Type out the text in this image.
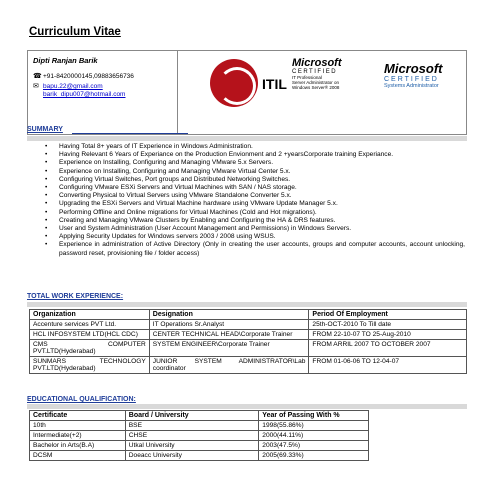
Curriculum Vitae
Dipti Ranjan Barik
☎ +91-8420000145,09883656736
✉ bapu.22@gmail.com
barik_dipu007@hotmail.com
ITIL
Microsoft
CERTIFIED
IT Professional
Server Administrator on
Windows Server® 2008
Microsoft
CERTIFIED
Systems Administrator
SUMMARY
• Having Total 8+ years of IT Experience in Windows Administration.
• Having Relevant 6 Years of Experiance on the Production Envionment and 2 +yearsCorporate training Experiance.
• Experience on Installing, Configuring and Managing VMware 5.x Servers.
• Experience on Installing, Configuring and Managing VMware Virtual Center 5.x.
• Configuring Virtual Switches, Port groups and Distributed Networking Switches.
• Configuring VMware ESXi Servers and Virtual Machines with SAN / NAS storage.
• Converting Physical to Virtual Servers using VMware Standalone Converter 5.x.
• Upgrading the ESXi Servers and Virtual Machine hardware using VMware Update Manager 5.x.
• Performing Offline and Online migrations for Virtual Machines (Cold and Hot migrations).
• Creating and Managing VMware Clusters by Enabling and Configuring the HA & DRS features.
• User and System Administration (User Account Management and Permissions) in Windows Servers.
• Applying Security Updates for Windows servers 2003 / 2008 using WSUS.
• Experience in administration of Active Directory (Only in creating the user accounts, groups and computer accounts, account unlocking, password reset, provisioning file / folder access)
TOTAL WORK EXPERIENCE:
Organization	Designation	Period Of Employment
Accenture services PVT Ltd.	IT Operations Sr.Analyst	25th-OCT-2010 To Till date
HCL INFOSYSTEM LTD(HCL CDC)	CENTER TECHNICAL HEAD\Corporate Trainer	FROM 22-10-07 TO 25-Aug-2010
CMS COMPUTER PVT.LTD(Hyderabad)	SYSTEM ENGINEER\Corporate Trainer	FROM ARRIL 2007 TO OCTOBER 2007
SUNMARS TECHNOLOGY PVT.LTD(Hyderabad)	JUNIOR SYSTEM ADMINISTRATOR\Lab coordinator	FROM 01-06-06 TO 12-04-07
EDUCATIONAL QUALIFICATION:
Certificate	Board / University	Year of Passing With %
10th	BSE	1998(55.86%)
Intermediate(+2)	CHSE	2000(44.11%)
Bachelor in Arts(B.A)	Utkal University	2003(47.5%)
DCSM	Doeacc University	2005(69.33%)
